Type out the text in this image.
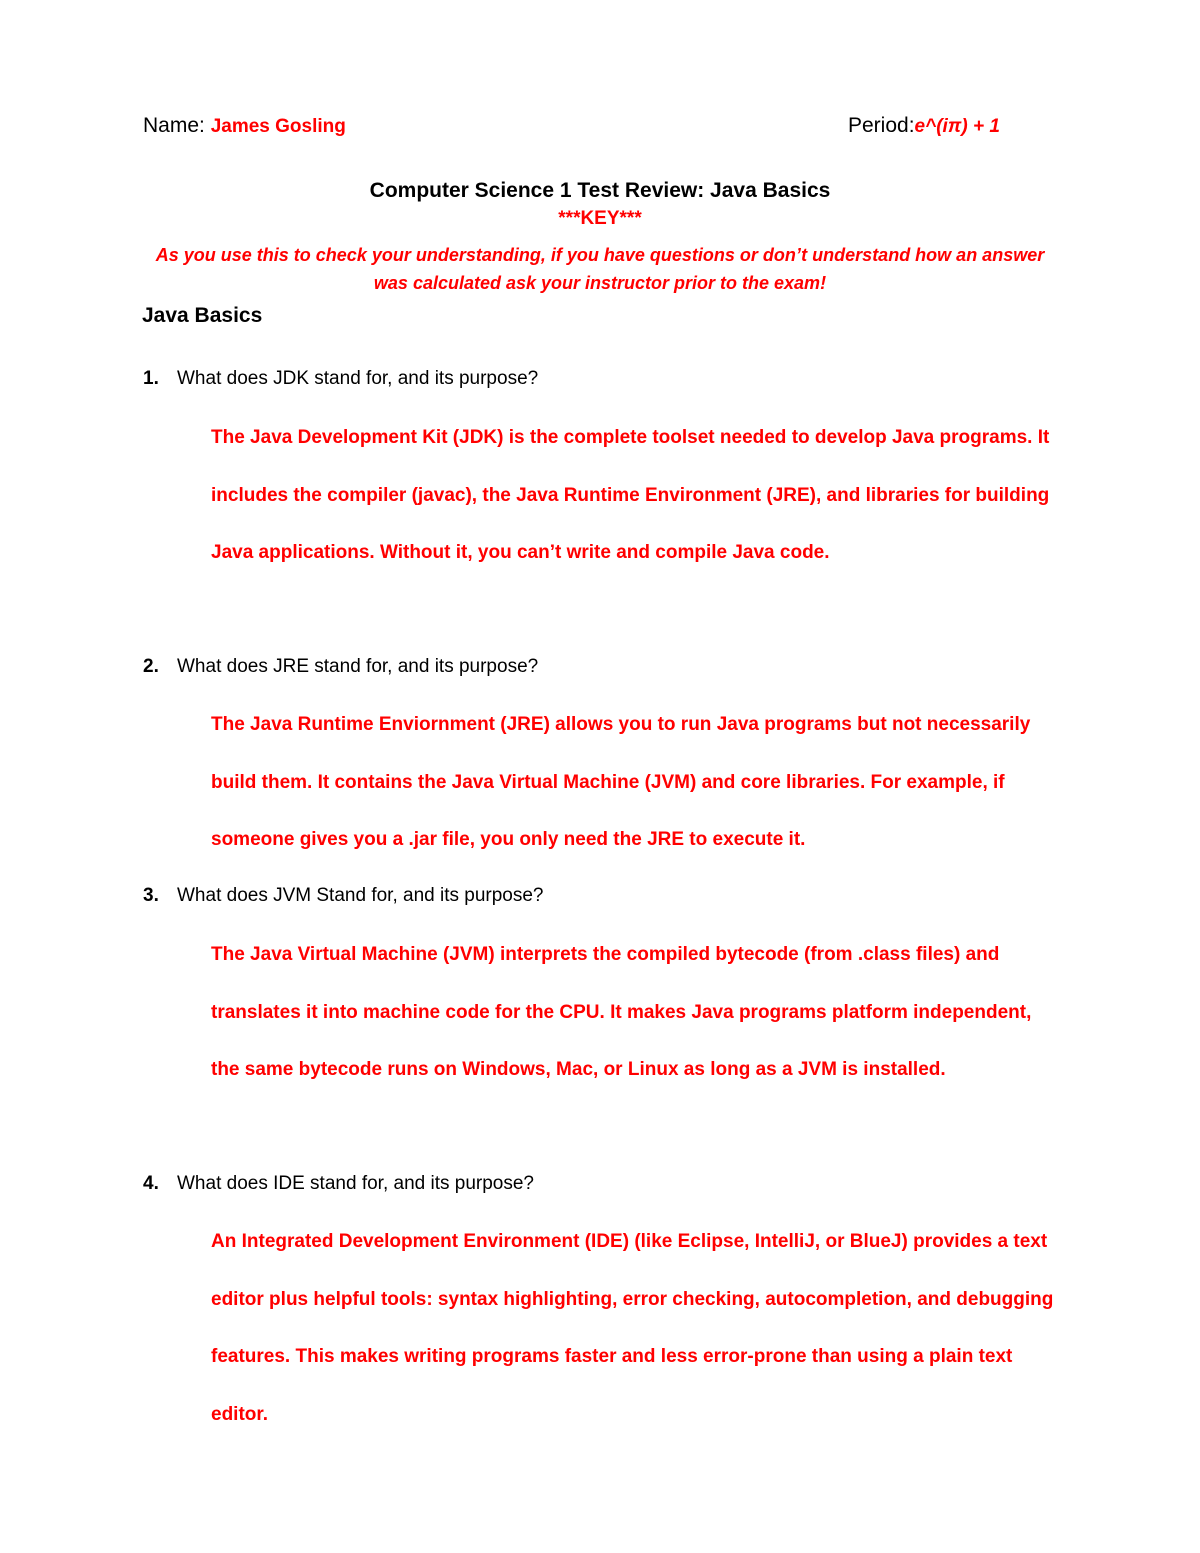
Name: James Gosling	Period:e^(iπ) + 1
Computer Science 1 Test Review: Java Basics
***KEY***
As you use this to check your understanding, if you have questions or don’t understand how an answer was calculated ask your instructor prior to the exam!
Java Basics
1. What does JDK stand for, and its purpose?

The Java Development Kit (JDK) is the complete toolset needed to develop Java programs. It includes the compiler (javac), the Java Runtime Environment (JRE), and libraries for building Java applications. Without it, you can’t write and compile Java code.

2. What does JRE stand for, and its purpose?

The Java Runtime Enviornment (JRE) allows you to run Java programs but not necessarily build them. It contains the Java Virtual Machine (JVM) and core libraries. For example, if someone gives you a .jar file, you only need the JRE to execute it.

3. What does JVM Stand for, and its purpose?

The Java Virtual Machine (JVM) interprets the compiled bytecode (from .class files) and translates it into machine code for the CPU. It makes Java programs platform independent, the same bytecode runs on Windows, Mac, or Linux as long as a JVM is installed.

4. What does IDE stand for, and its purpose?

An Integrated Development Environment (IDE) (like Eclipse, IntelliJ, or BlueJ) provides a text editor plus helpful tools: syntax highlighting, error checking, autocompletion, and debugging features. This makes writing programs faster and less error-prone than using a plain text editor.
